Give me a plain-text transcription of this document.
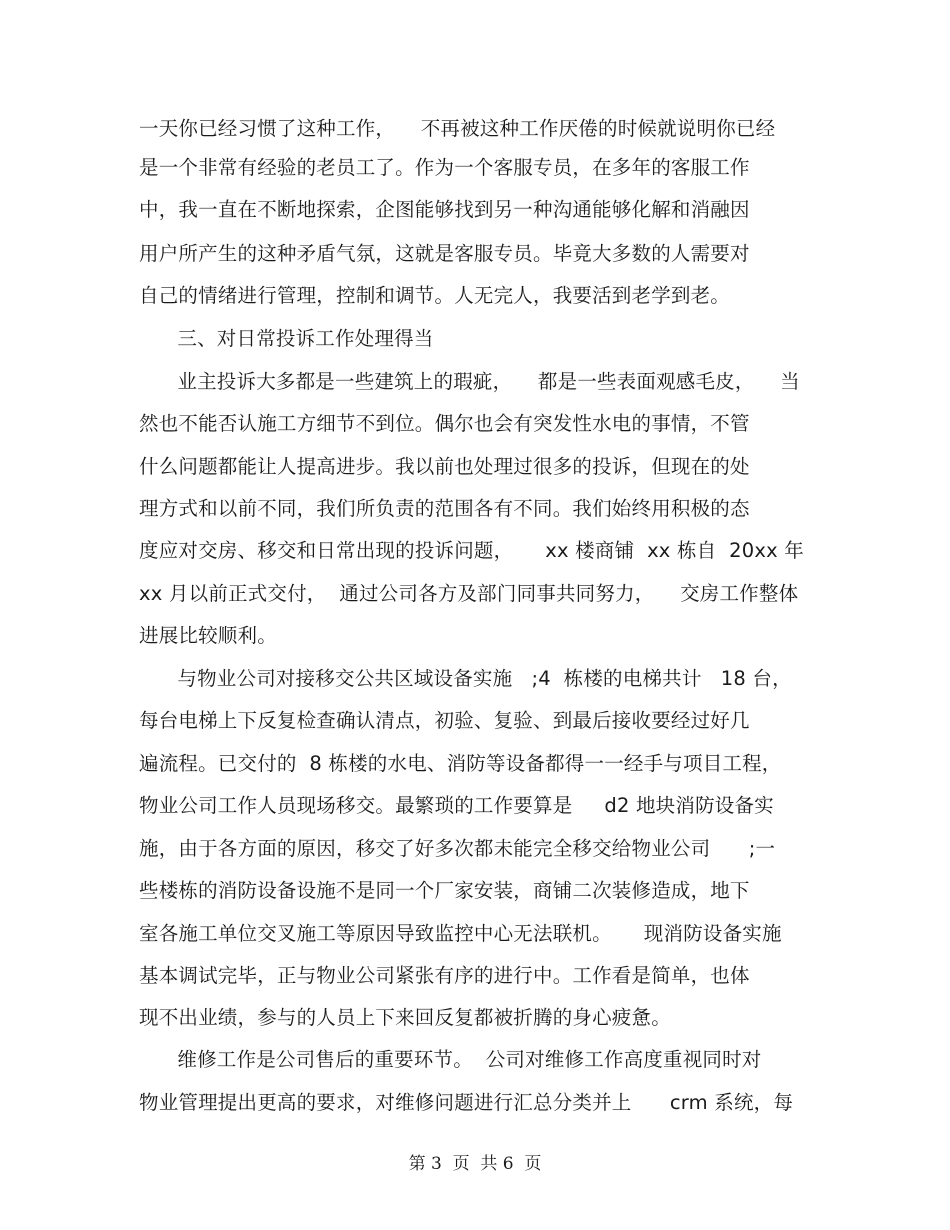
一天你已经习惯了这种工作，    不再被这种工作厌倦的时候就说明你已经
是一个非常有经验的老员工了。作为一个客服专员，在多年的客服工作
中，我一直在不断地探索，企图能够找到另一种沟通能够化解和消融因
用户所产生的这种矛盾气氛，这就是客服专员。毕竟大多数的人需要对
自己的情绪进行管理，控制和调节。人无完人，我要活到老学到老。
三、对日常投诉工作处理得当
业主投诉大多都是一些建筑上的瑕疵，    都是一些表面观感毛皮，    当
然也不能否认施工方细节不到位。偶尔也会有突发性水电的事情，不管
什么问题都能让人提高进步。我以前也处理过很多的投诉，但现在的处
理方式和以前不同，我们所负责的范围各有不同。我们始终用积极的态
度应对交房、移交和日常出现的投诉问题，     xx 楼商铺  xx 栋自  20xx 年
xx 月以前正式交付，  通过公司各方及部门同事共同努力，    交房工作整体
进展比较顺利。
与物业公司对接移交公共区域设备实施   ;4  栋楼的电梯共计   18 台，
每台电梯上下反复检查确认清点，初验、复验、到最后接收要经过好几
遍流程。已交付的  8 栋楼的水电、消防等设备都得一一经手与项目工程，
物业公司工作人员现场移交。最繁琐的工作要算是     d2 地块消防设备实
施，由于各方面的原因，移交了好多次都未能完全移交给物业公司      ;一
些楼栋的消防设备设施不是同一个厂家安装，商铺二次装修造成，地下
室各施工单位交叉施工等原因导致监控中心无法联机。     现消防设备实施
基本调试完毕，正与物业公司紧张有序的进行中。工作看是简单，也体
现不出业绩，参与的人员上下来回反复都被折腾的身心疲惫。
维修工作是公司售后的重要环节。  公司对维修工作高度重视同时对
物业管理提出更高的要求，对维修问题进行汇总分类并上      crm 系统，每
第 3  页  共 6  页
